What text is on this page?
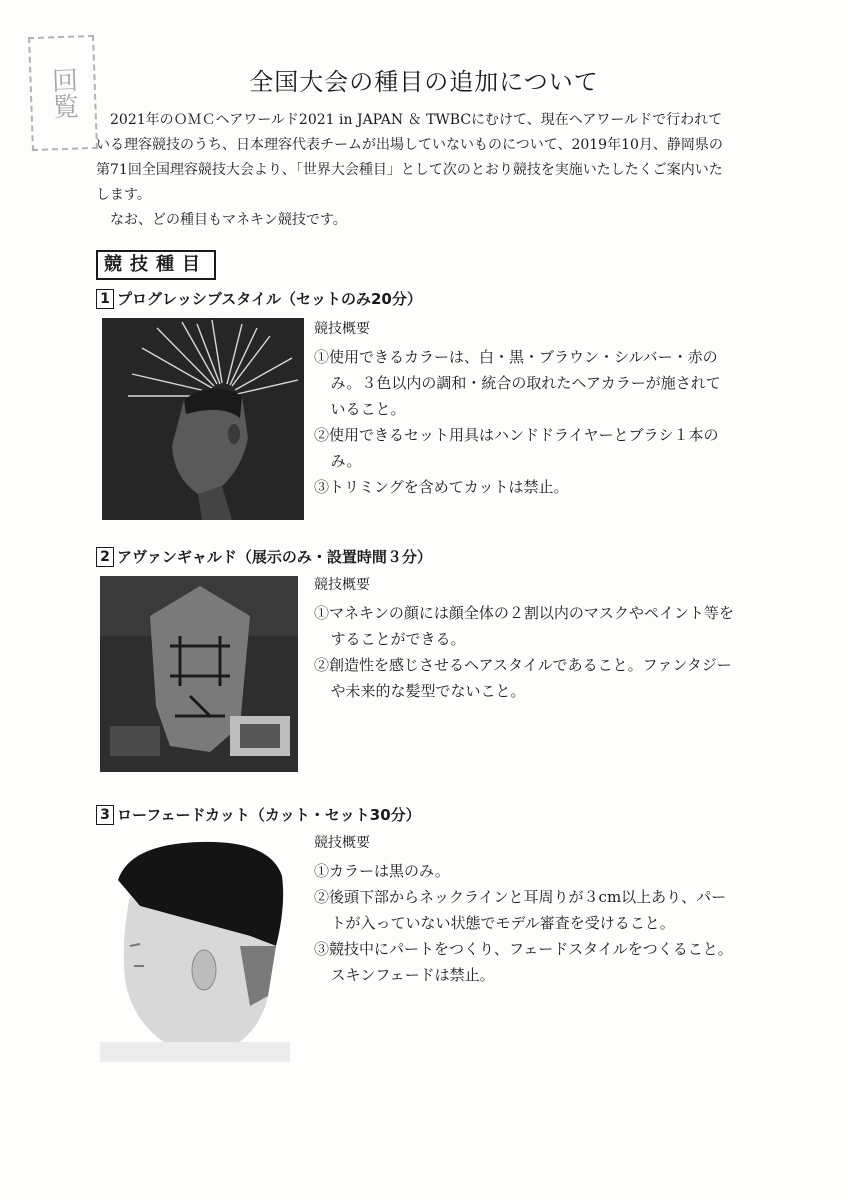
回覧	全国大会の種目の追加について

2021年のＯＭＣヘアワールド2021 in JAPAN ＆ TWBCにむけて、現在ヘアワールドで行われている理容競技のうち、日本理容代表チームが出場していないものについて、2019年10月、静岡県の第71回全国理容競技大会より、「世界大会種目」として次のとおり競技を実施いたしたくご案内いたします。

なお、どの種目もマネキン競技です。

競技種目
1 プログレッシブスタイル（セットのみ20分）

競技概要

①使用できるカラーは、白・黒・ブラウン・シルバー・赤のみ。３色以内の調和・統合の取れたヘアカラーが施されていること。

②使用できるセット用具はハンドドライヤーとブラシ１本のみ。

③トリミングを含めてカットは禁止。

2 アヴァンギャルド（展示のみ・設置時間３分）

競技概要

①マネキンの顔には顔全体の２割以内のマスクやペイント等をすることができる。

②創造性を感じさせるヘアスタイルであること。ファンタジーや未来的な髪型でないこと。

3 ローフェードカット（カット・セット30分）

競技概要

①カラーは黒のみ。

②後頭下部からネックラインと耳周りが３cm以上あり、パートが入っていない状態でモデル審査を受けること。

③競技中にパートをつくり、フェードスタイルをつくること。スキンフェードは禁止。
